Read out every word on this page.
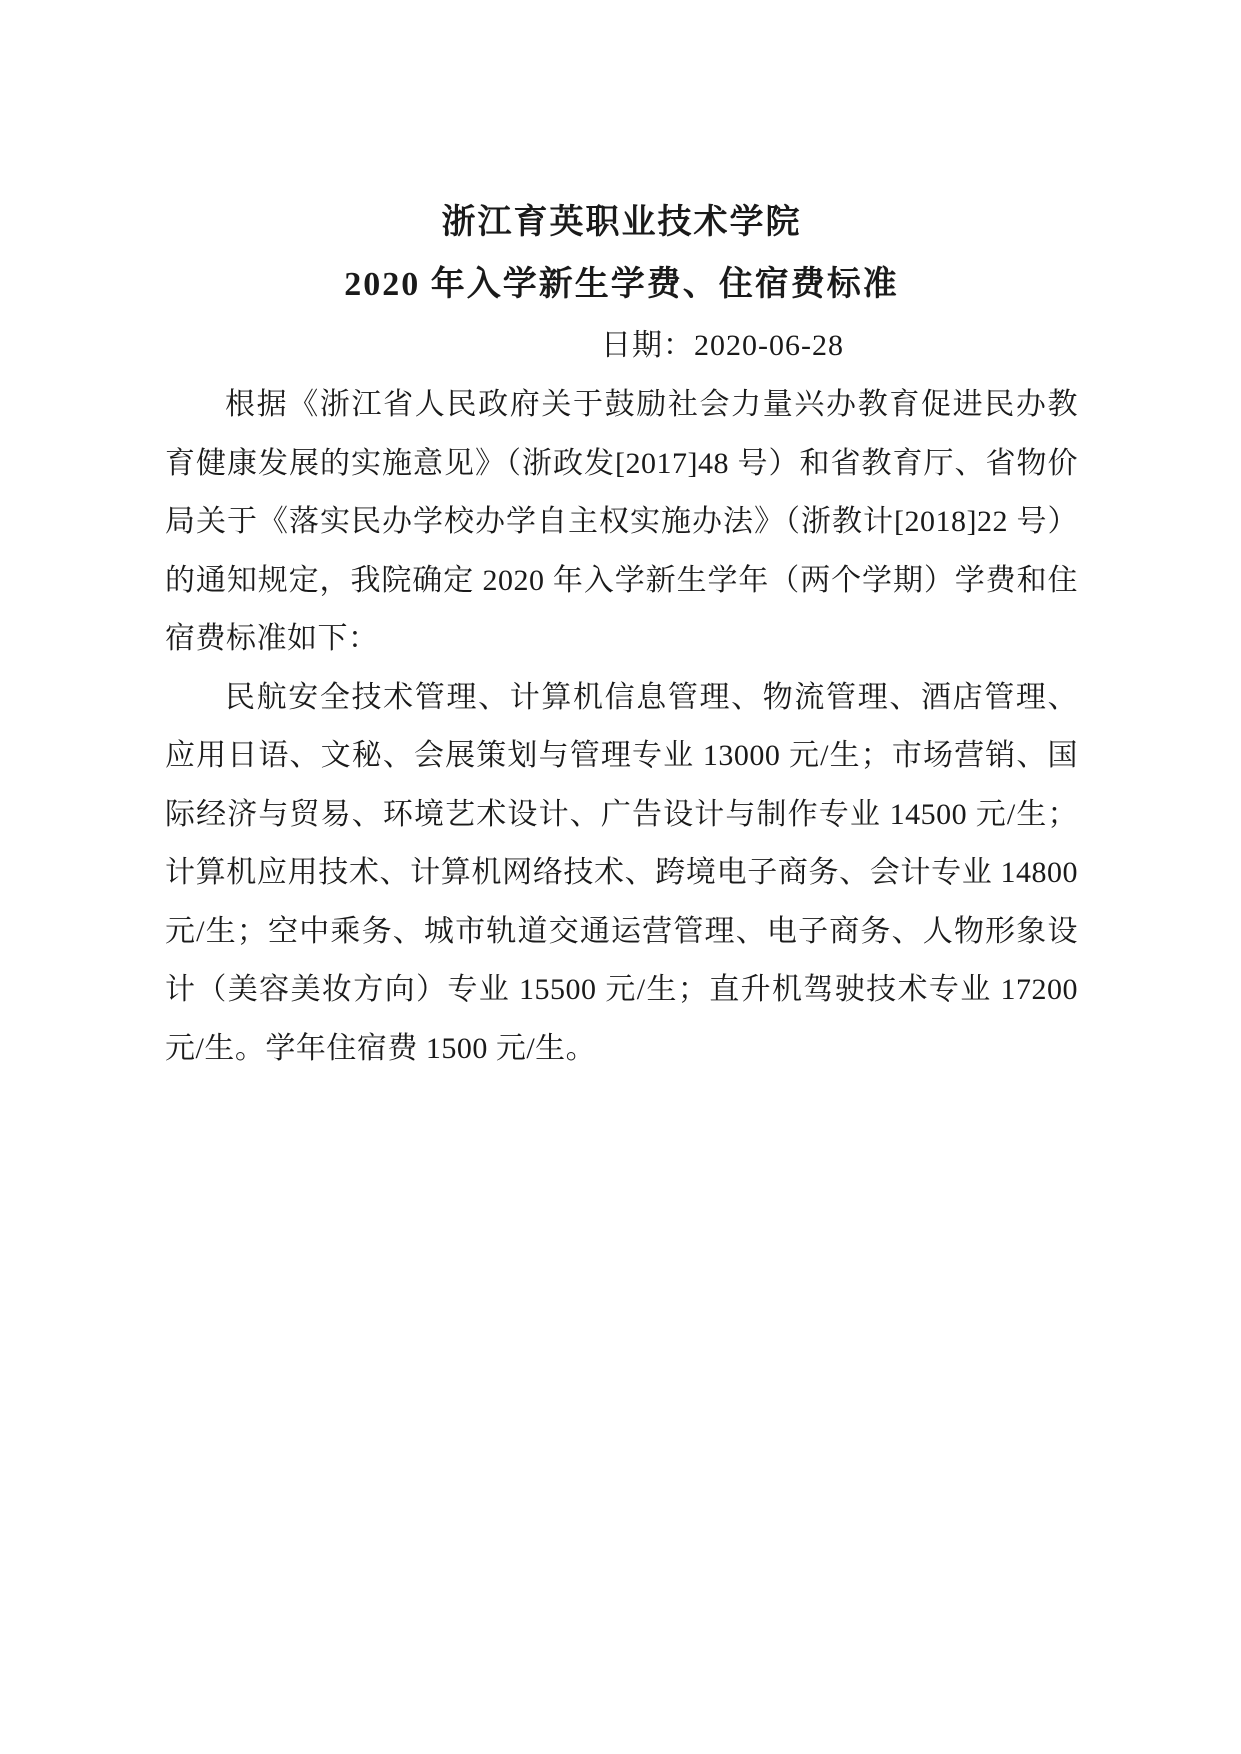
浙江育英职业技术学院
2020 年入学新生学费、住宿费标准
日期：2020-06-28

根据《浙江省人民政府关于鼓励社会力量兴办教育促进民办教育健康发展的实施意见》（浙政发[2017]48 号）和省教育厅、省物价局关于《落实民办学校办学自主权实施办法》（浙教计[2018]22 号）的通知规定，我院确定 2020 年入学新生学年（两个学期）学费和住宿费标准如下：

民航安全技术管理、计算机信息管理、物流管理、酒店管理、应用日语、文秘、会展策划与管理专业 13000 元/生；市场营销、国际经济与贸易、环境艺术设计、广告设计与制作专业 14500 元/生；计算机应用技术、计算机网络技术、跨境电子商务、会计专业 14800 元/生；空中乘务、城市轨道交通运营管理、电子商务、人物形象设计（美容美妆方向）专业 15500 元/生；直升机驾驶技术专业 17200 元/生。学年住宿费 1500 元/生。
